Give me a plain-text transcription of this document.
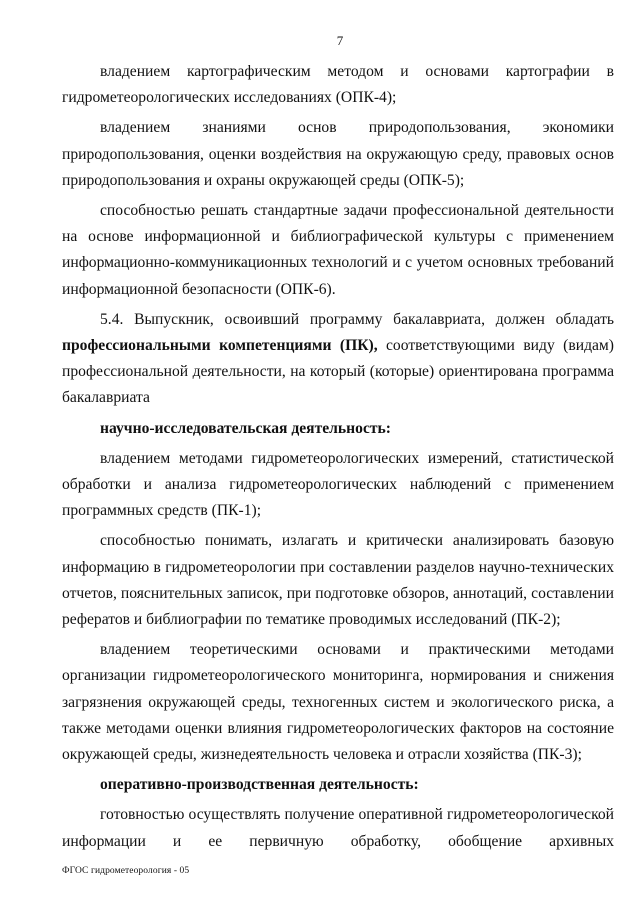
7

владением картографическим методом и основами картографии в гидрометеорологических исследованиях (ОПК-4);

владением знаниями основ природопользования, экономики природопользования, оценки воздействия на окружающую среду, правовых основ природопользования и охраны окружающей среды (ОПК-5);

способностью решать стандартные задачи профессиональной деятельности на основе информационной и библиографической культуры с применением информационно-коммуникационных технологий и с учетом основных требований информационной безопасности (ОПК-6).

5.4. Выпускник, освоивший программу бакалавриата, должен обладать профессиональными компетенциями (ПК), соответствующими виду (видам) профессиональной деятельности, на который (которые) ориентирована программа бакалавриата

научно-исследовательская деятельность:

владением методами гидрометеорологических измерений, статистической обработки и анализа гидрометеорологических наблюдений с применением программных средств (ПК-1);

способностью понимать, излагать и критически анализировать базовую информацию в гидрометеорологии при составлении разделов научно-технических отчетов, пояснительных записок, при подготовке обзоров, аннотаций, составлении рефератов и библиографии по тематике проводимых исследований (ПК-2);

владением теоретическими основами и практическими методами организации гидрометеорологического мониторинга, нормирования и снижения загрязнения окружающей среды, техногенных систем и экологического риска, а также методами оценки влияния гидрометеорологических факторов на состояние окружающей среды, жизнедеятельность человека и отрасли хозяйства (ПК-3);

оперативно-производственная деятельность:

готовностью осуществлять получение оперативной гидрометеорологической информации и ее первичную обработку, обобщение архивных

ФГОС гидрометеорология - 05
